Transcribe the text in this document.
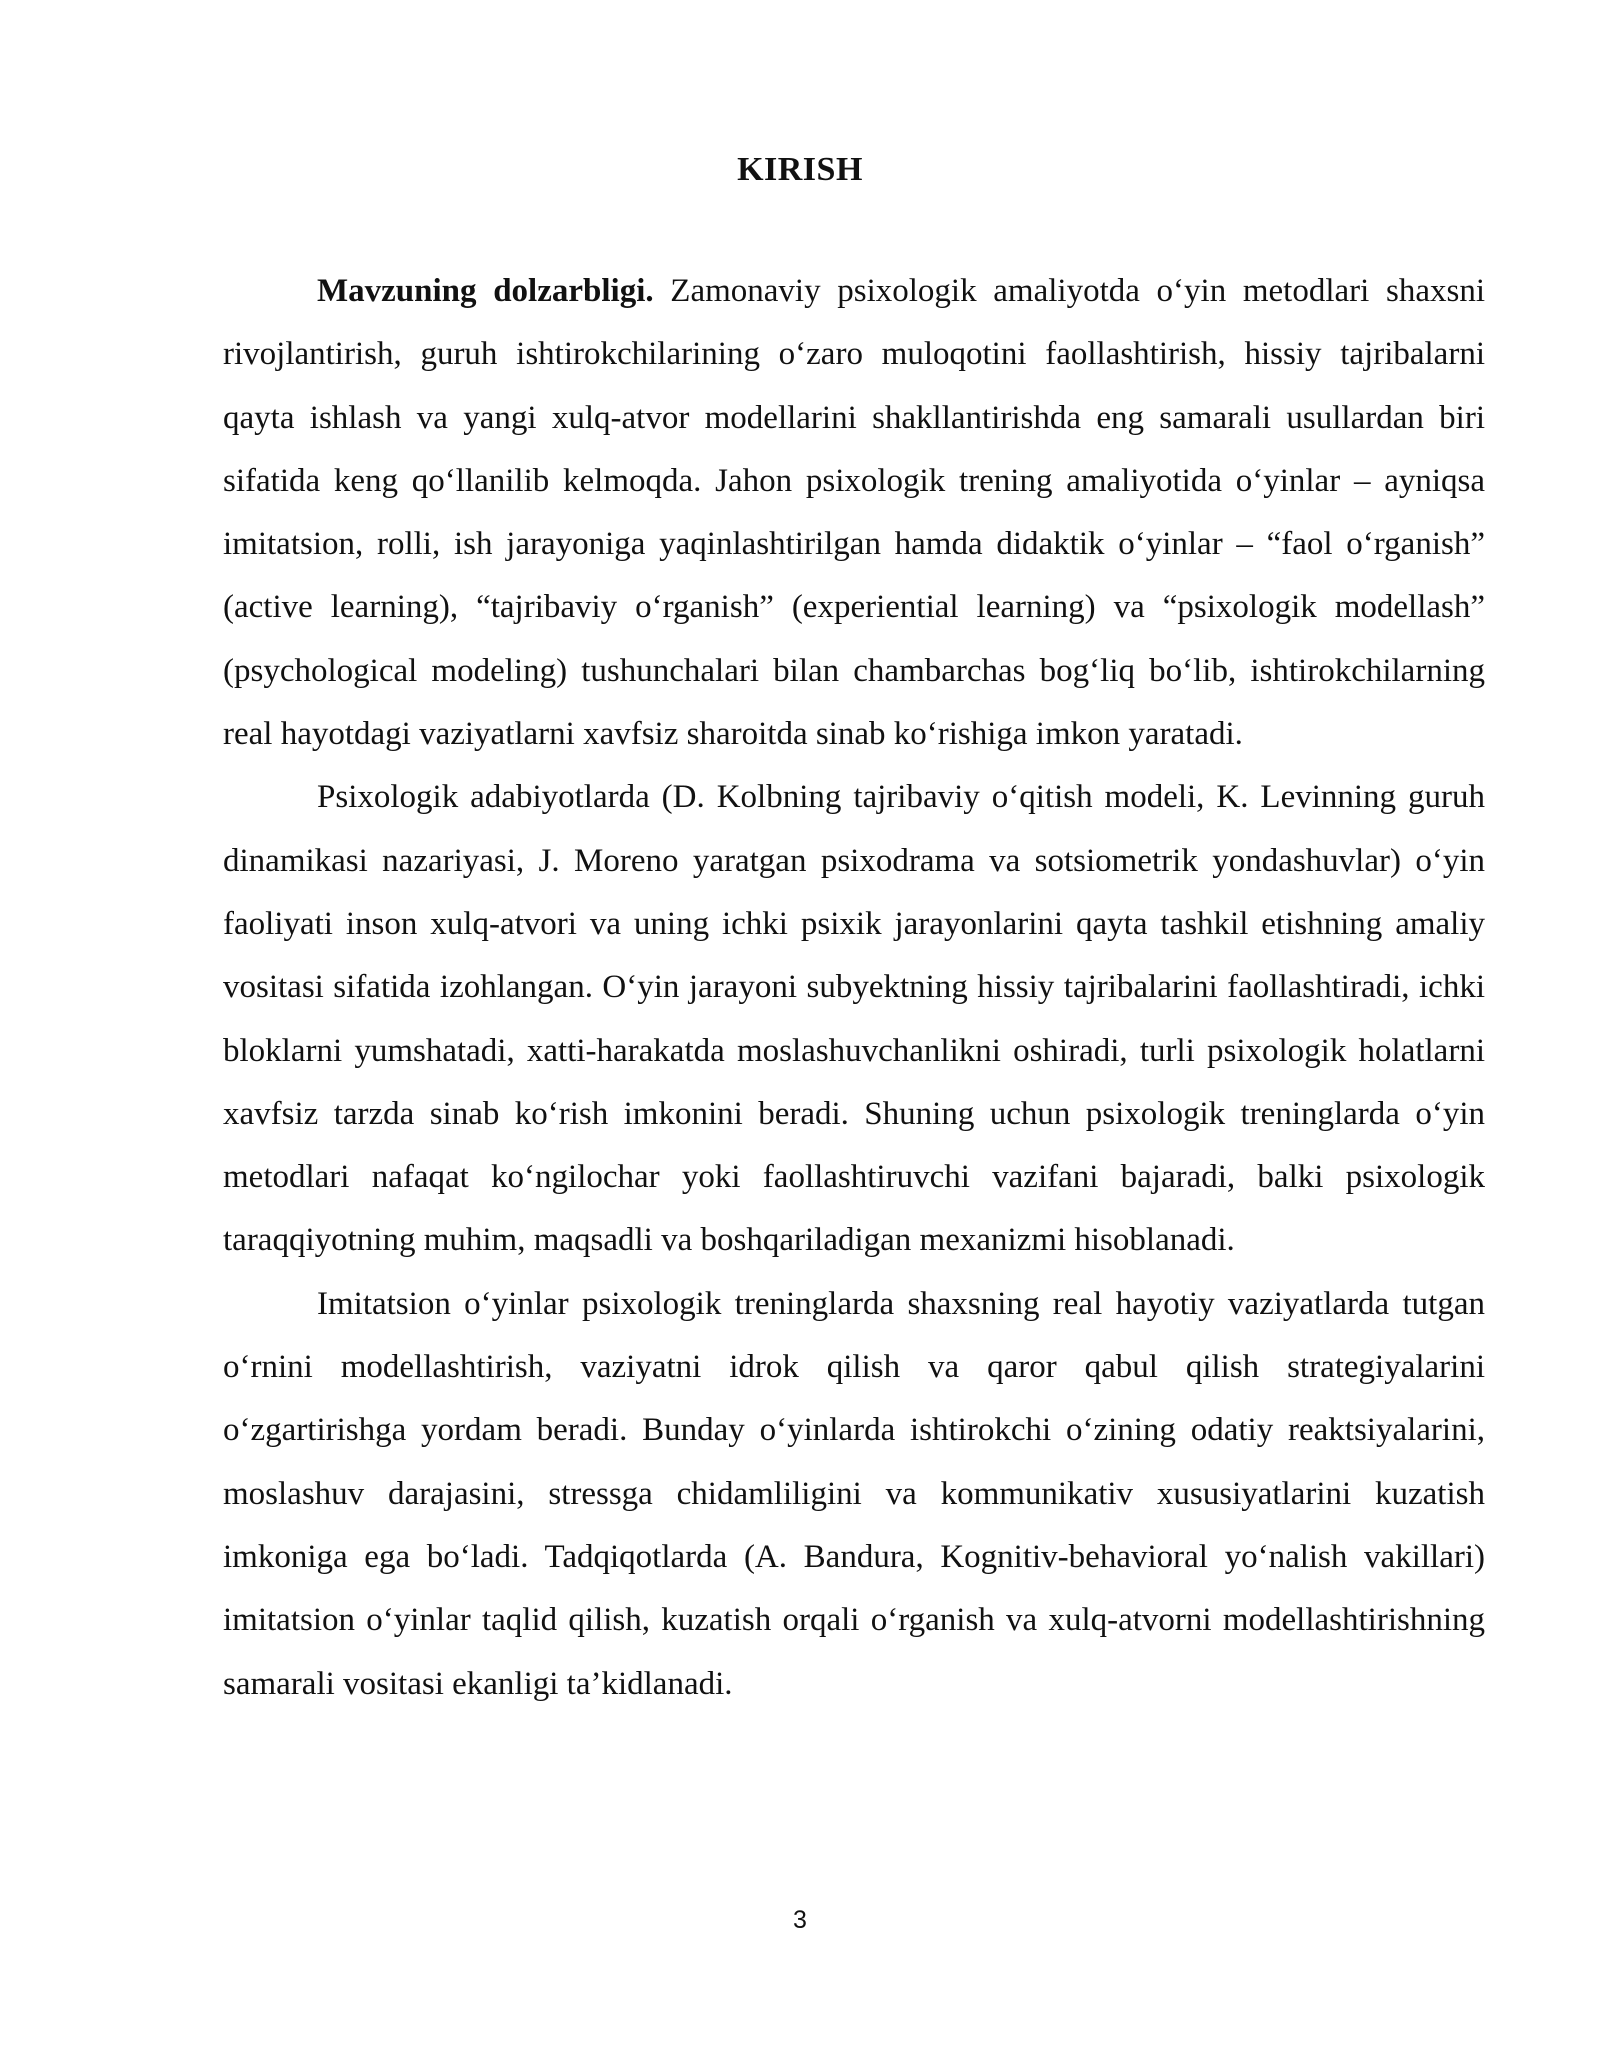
KIRISH

Mavzuning dolzarbligi. Zamonaviy psixologik amaliyotda o‘yin metodlari shaxsni rivojlantirish, guruh ishtirokchilarining o‘zaro muloqotini faollashtirish, hissiy tajribalarni qayta ishlash va yangi xulq-atvor modellarini shakllantirishda eng samarali usullardan biri sifatida keng qo‘llanilib kelmoqda. Jahon psixologik trening amaliyotida o‘yinlar – ayniqsa imitatsion, rolli, ish jarayoniga yaqinlashtirilgan hamda didaktik o‘yinlar – “faol o‘rganish” (active learning), “tajribaviy o‘rganish” (experiential learning) va “psixologik modellash” (psychological modeling) tushunchalari bilan chambarchas bog‘liq bo‘lib, ishtirokchilarning real hayotdagi vaziyatlarni xavfsiz sharoitda sinab ko‘rishiga imkon yaratadi.

Psixologik adabiyotlarda (D. Kolbning tajribaviy o‘qitish modeli, K. Levinning guruh dinamikasi nazariyasi, J. Moreno yaratgan psixodrama va sotsiometrik yondashuvlar) o‘yin faoliyati inson xulq-atvori va uning ichki psixik jarayonlarini qayta tashkil etishning amaliy vositasi sifatida izohlangan. O‘yin jarayoni subyektning hissiy tajribalarini faollashtiradi, ichki bloklarni yumshatadi, xatti-harakatda moslashuvchanlikni oshiradi, turli psixologik holatlarni xavfsiz tarzda sinab ko‘rish imkonini beradi. Shuning uchun psixologik treninglarda o‘yin metodlari nafaqat ko‘ngilochar yoki faollashtiruvchi vazifani bajaradi, balki psixologik taraqqiyotning muhim, maqsadli va boshqariladigan mexanizmi hisoblanadi.

Imitatsion o‘yinlar psixologik treninglarda shaxsning real hayotiy vaziyatlarda tutgan o‘rnini modellashtirish, vaziyatni idrok qilish va qaror qabul qilish strategiyalarini o‘zgartirishga yordam beradi. Bunday o‘yinlarda ishtirokchi o‘zining odatiy reaktsiyalarini, moslashuv darajasini, stressga chidamliligini va kommunikativ xususiyatlarini kuzatish imkoniga ega bo‘ladi. Tadqiqotlarda (A. Bandura, Kognitiv-behavioral yo‘nalish vakillari) imitatsion o‘yinlar taqlid qilish, kuzatish orqali o‘rganish va xulq-atvorni modellashtirishning samarali vositasi ekanligi ta’kidlanadi.

3
